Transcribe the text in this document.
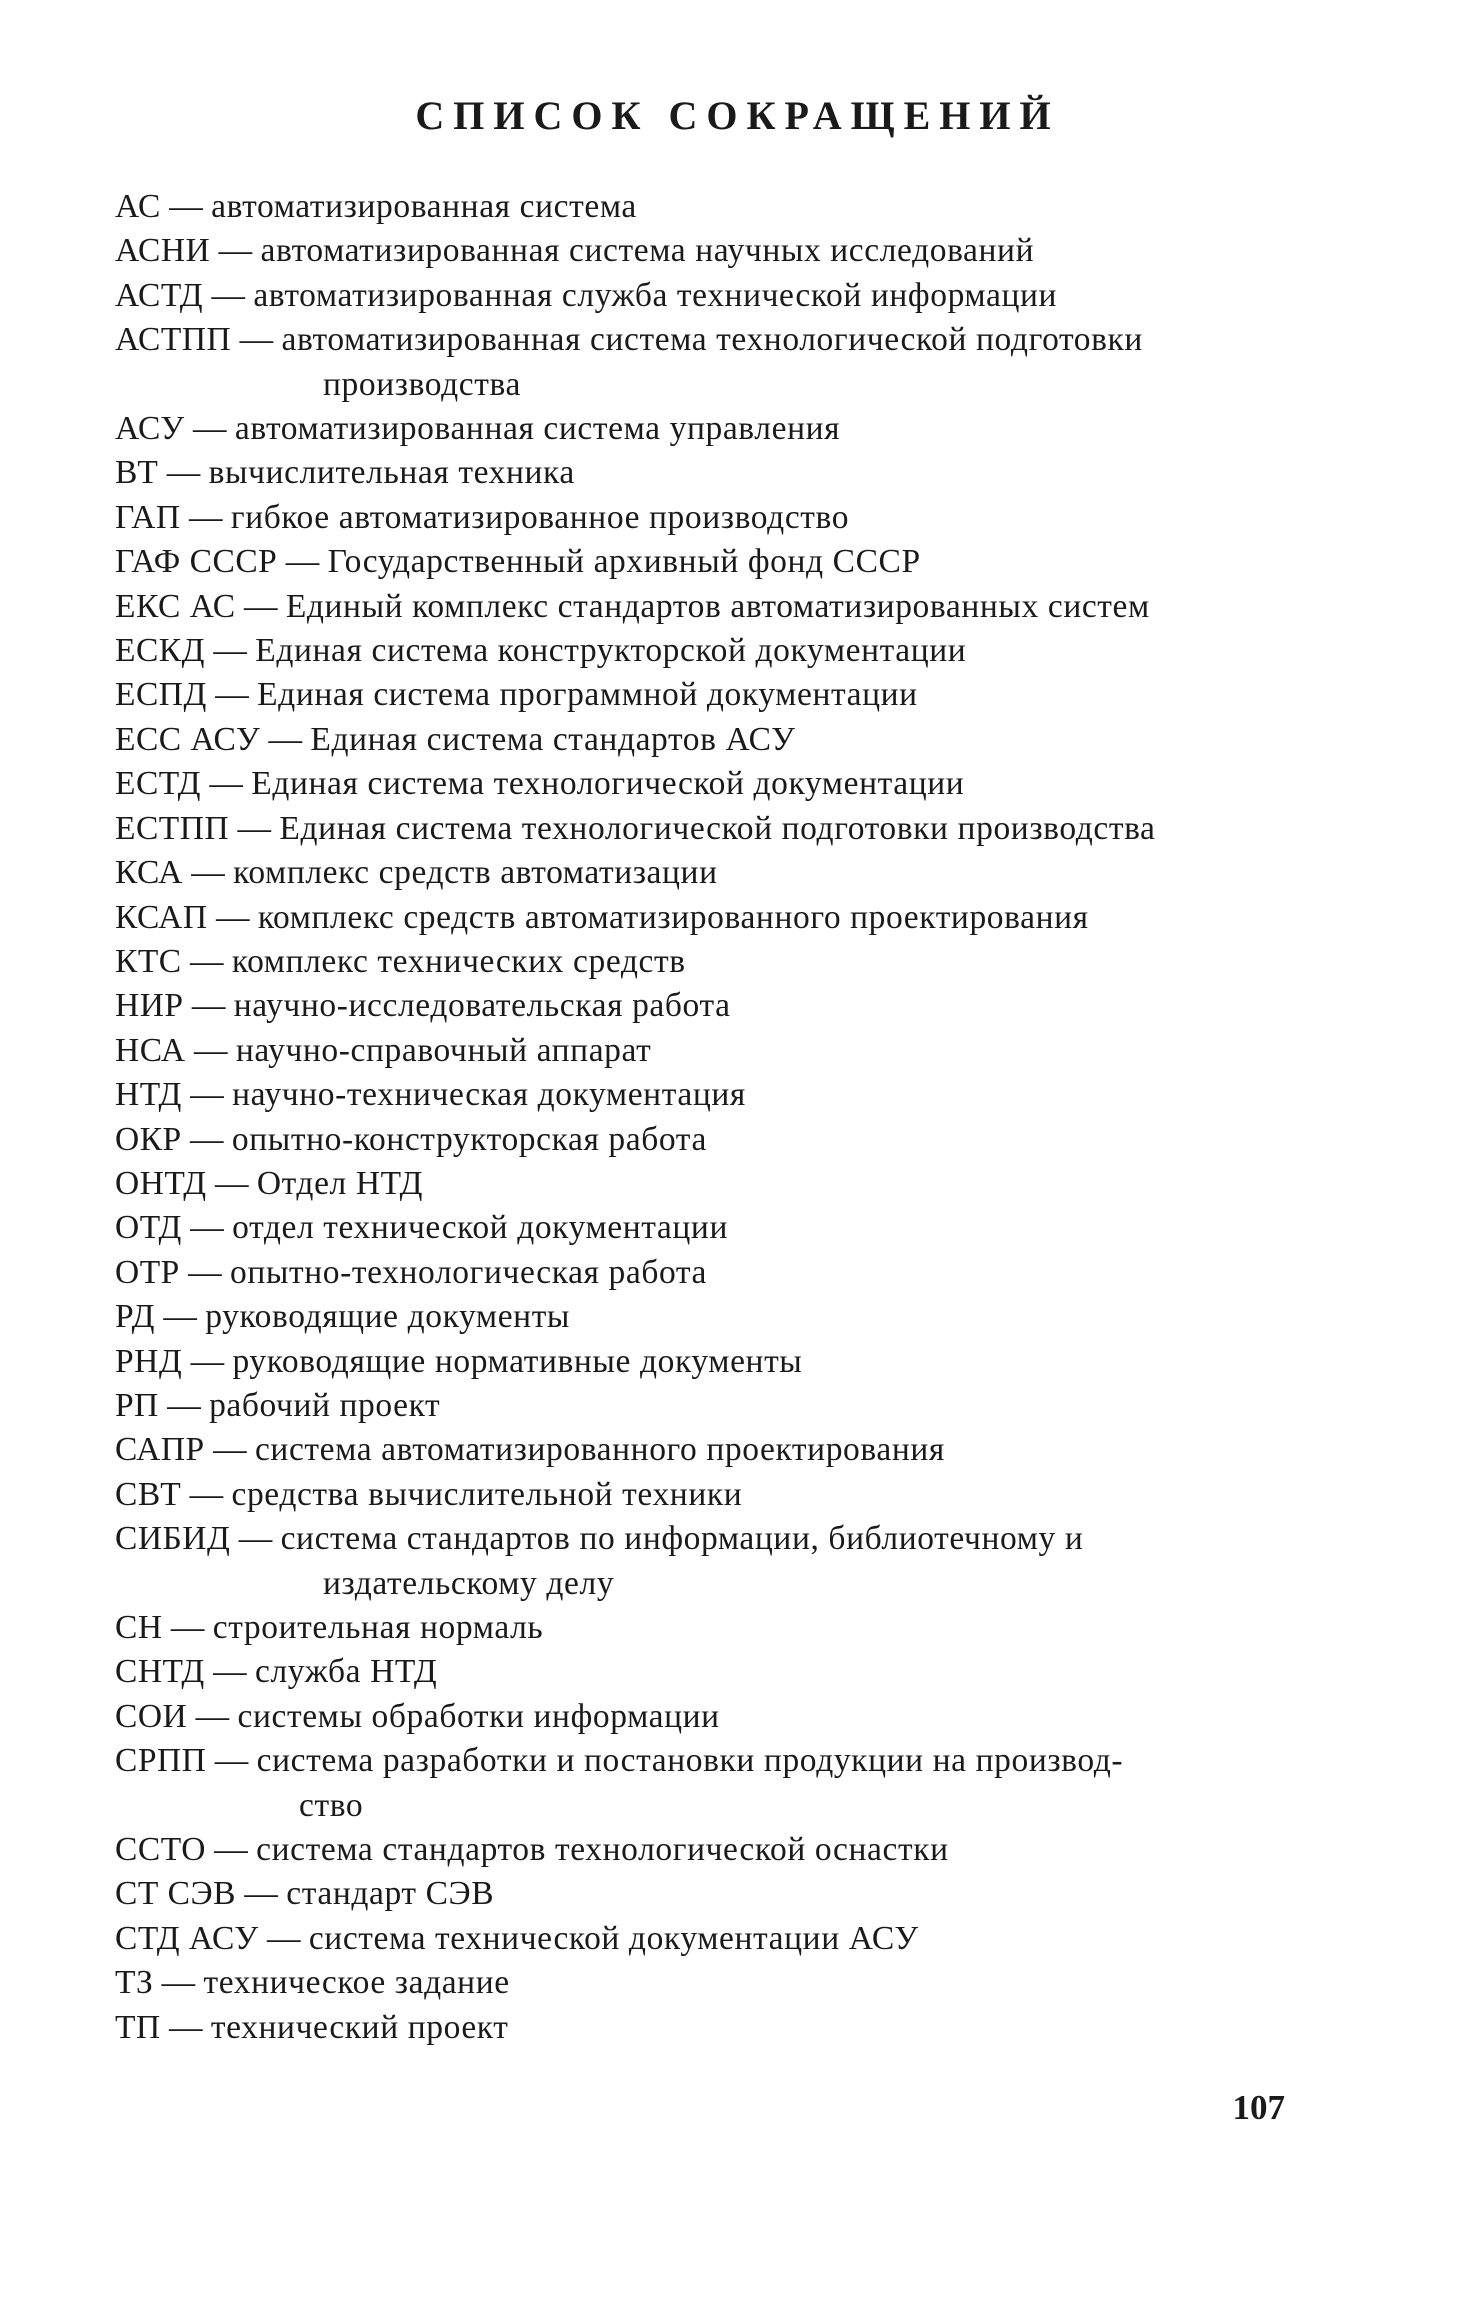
СПИСОК СОКРАЩЕНИЙ
АС — автоматизированная система
АСНИ — автоматизированная система научных исследований
АСТД — автоматизированная служба технической информации
АСТПП — автоматизированная система технологической подготовки
производства
АСУ — автоматизированная система управления
ВТ — вычислительная техника
ГАП — гибкое автоматизированное производство
ГАФ СССР — Государственный архивный фонд СССР
ЕКС АС — Единый комплекс стандартов автоматизированных систем
ЕСКД — Единая система конструкторской документации
ЕСПД — Единая система программной документации
ЕСС АСУ — Единая система стандартов АСУ
ЕСТД — Единая система технологической документации
ЕСТПП — Единая система технологической подготовки производства
КСА — комплекс средств автоматизации
КСАП — комплекс средств автоматизированного проектирования
КТС — комплекс технических средств
НИР — научно-исследовательская работа
НСА — научно-справочный аппарат
НТД — научно-техническая документация
ОКР — опытно-конструкторская работа
ОНТД — Отдел НТД
ОТД — отдел технической документации
ОТР — опытно-технологическая работа
РД — руководящие документы
РНД — руководящие нормативные документы
РП — рабочий проект
САПР — система автоматизированного проектирования
СВТ — средства вычислительной техники
СИБИД — система стандартов по информации, библиотечному и
издательскому делу
СН — строительная нормаль
СНТД — служба НТД
СОИ — системы обработки информации
СРПП — система разработки и постановки продукции на производ-
ство
ССТО — система стандартов технологической оснастки
СТ СЭВ — стандарт СЭВ
СТД АСУ — система технической документации АСУ
ТЗ — техническое задание
ТП — технический проект
107
